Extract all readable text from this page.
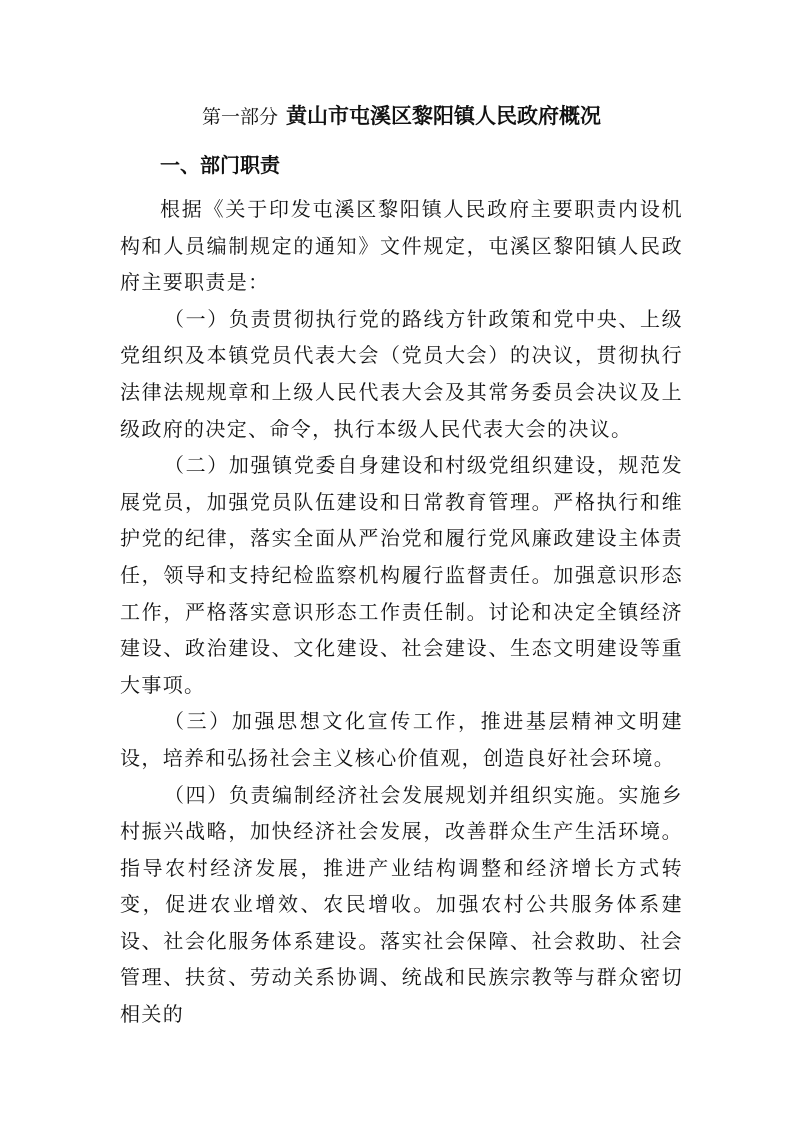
第一部分 黄山市屯溪区黎阳镇人民政府概况
一、部门职责

根据《关于印发屯溪区黎阳镇人民政府主要职责内设机构和人员编制规定的通知》文件规定，屯溪区黎阳镇人民政府主要职责是：

（一）负责贯彻执行党的路线方针政策和党中央、上级党组织及本镇党员代表大会（党员大会）的决议，贯彻执行法律法规规章和上级人民代表大会及其常务委员会决议及上级政府的决定、命令，执行本级人民代表大会的决议。

（二）加强镇党委自身建设和村级党组织建设，规范发展党员，加强党员队伍建设和日常教育管理。严格执行和维护党的纪律，落实全面从严治党和履行党风廉政建设主体责任，领导和支持纪检监察机构履行监督责任。加强意识形态工作，严格落实意识形态工作责任制。讨论和决定全镇经济建设、政治建设、文化建设、社会建设、生态文明建设等重大事项。

（三）加强思想文化宣传工作，推进基层精神文明建设，培养和弘扬社会主义核心价值观，创造良好社会环境。

（四）负责编制经济社会发展规划并组织实施。实施乡村振兴战略，加快经济社会发展，改善群众生产生活环境。指导农村经济发展，推进产业结构调整和经济增长方式转变，促进农业增效、农民增收。加强农村公共服务体系建设、社会化服务体系建设。落实社会保障、社会救助、社会管理、扶贫、劳动关系协调、统战和民族宗教等与群众密切相关的
